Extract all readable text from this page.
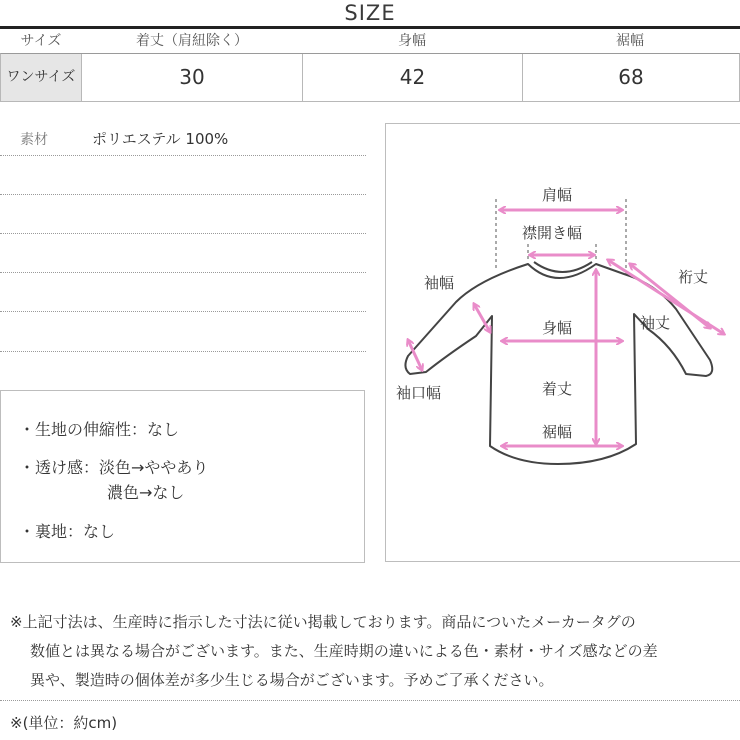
SIZE
サイズ	着丈（肩紐除く）	身幅	裾幅
ワンサイズ	30	42	68
素材	ポリエステル 100%
・生地の伸縮性：なし
・透け感：淡色→ややあり
濃色→なし
・裏地：なし
肩幅
襟開き幅
裄丈
袖幅
袖丈
身幅
袖口幅	着丈
裾幅
※上記寸法は、生産時に指示した寸法に従い掲載しております。商品についたメーカータグの
数値とは異なる場合がございます。また、生産時期の違いによる色・素材・サイズ感などの差
異や、製造時の個体差が多少生じる場合がございます。予めご了承ください。
※(単位：約cm)
